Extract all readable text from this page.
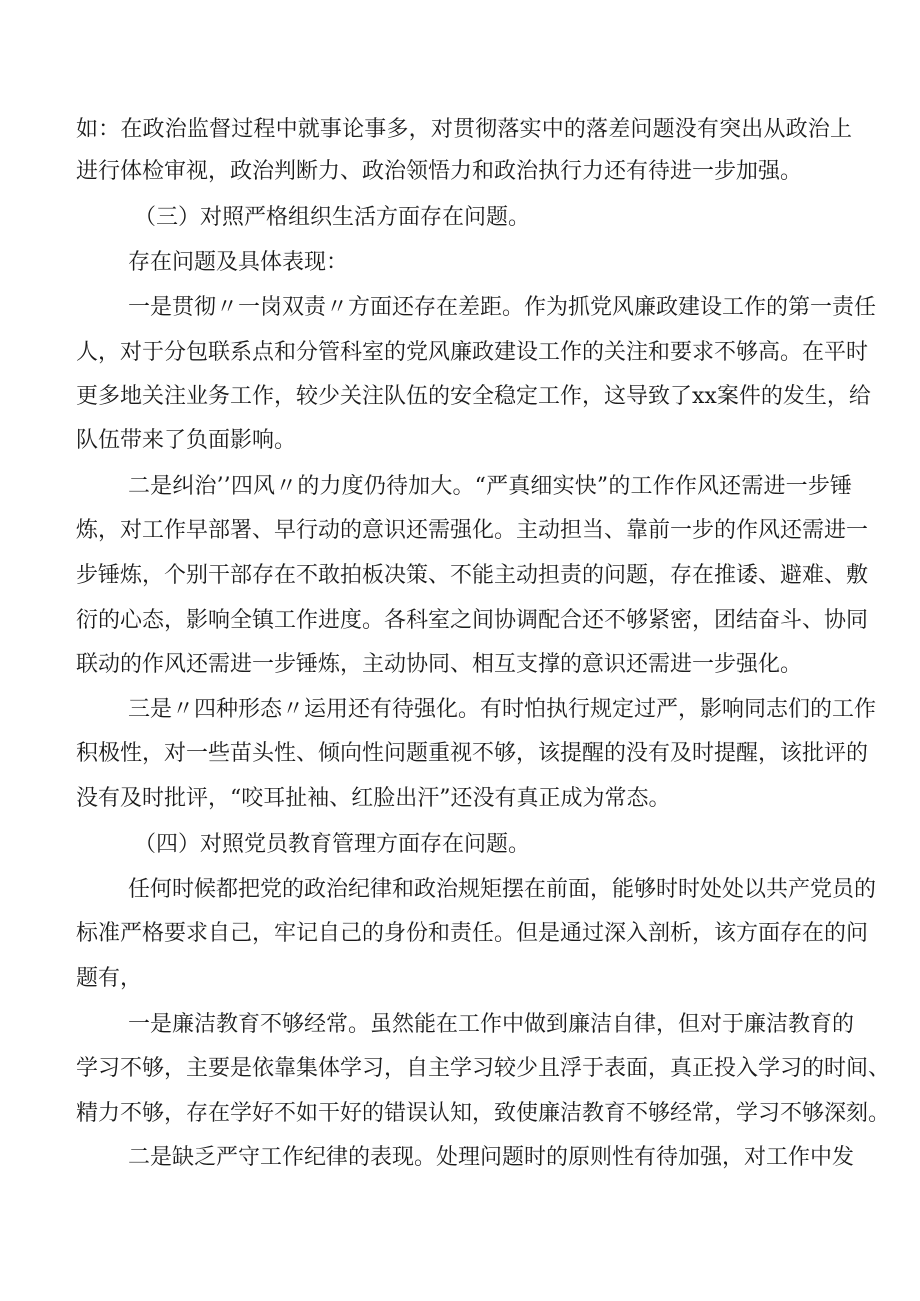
如：在政治监督过程中就事论事多，对贯彻落实中的落差问题没有突出从政治上
进行体检审视，政治判断力、政治领悟力和政治执行力还有待进一步加强。
（三）对照严格组织生活方面存在问题。
存在问题及具体表现：
一是贯彻〃一岗双责〃方面还存在差距。作为抓党风廉政建设工作的第一责任
人，对于分包联系点和分管科室的党风廉政建设工作的关注和要求不够高。在平时
更多地关注业务工作，较少关注队伍的安全稳定工作，这导致了xx案件的发生，给
队伍带来了负面影响。
二是纠治’’四风〃的力度仍待加大。“严真细实快”的工作作风还需进一步锤
炼，对工作早部署、早行动的意识还需强化。主动担当、靠前一步的作风还需进一
步锤炼，个别干部存在不敢拍板决策、不能主动担责的问题，存在推诿、避难、敷
衍的心态，影响全镇工作进度。各科室之间协调配合还不够紧密，团结奋斗、协同
联动的作风还需进一步锤炼，主动协同、相互支撑的意识还需进一步强化。
三是〃四种形态〃运用还有待强化。有时怕执行规定过严，影响同志们的工作
积极性，对一些苗头性、倾向性问题重视不够，该提醒的没有及时提醒，该批评的
没有及时批评，“咬耳扯袖、红脸出汗”还没有真正成为常态。
（四）对照党员教育管理方面存在问题。
任何时候都把党的政治纪律和政治规矩摆在前面，能够时时处处以共产党员的
标准严格要求自己，牢记自己的身份和责任。但是通过深入剖析，该方面存在的问
题有，
一是廉洁教育不够经常。虽然能在工作中做到廉洁自律，但对于廉洁教育的
学习不够，主要是依靠集体学习，自主学习较少且浮于表面，真正投入学习的时间、
精力不够，存在学好不如干好的错误认知，致使廉洁教育不够经常，学习不够深刻。
二是缺乏严守工作纪律的表现。处理问题时的原则性有待加强，对工作中发
